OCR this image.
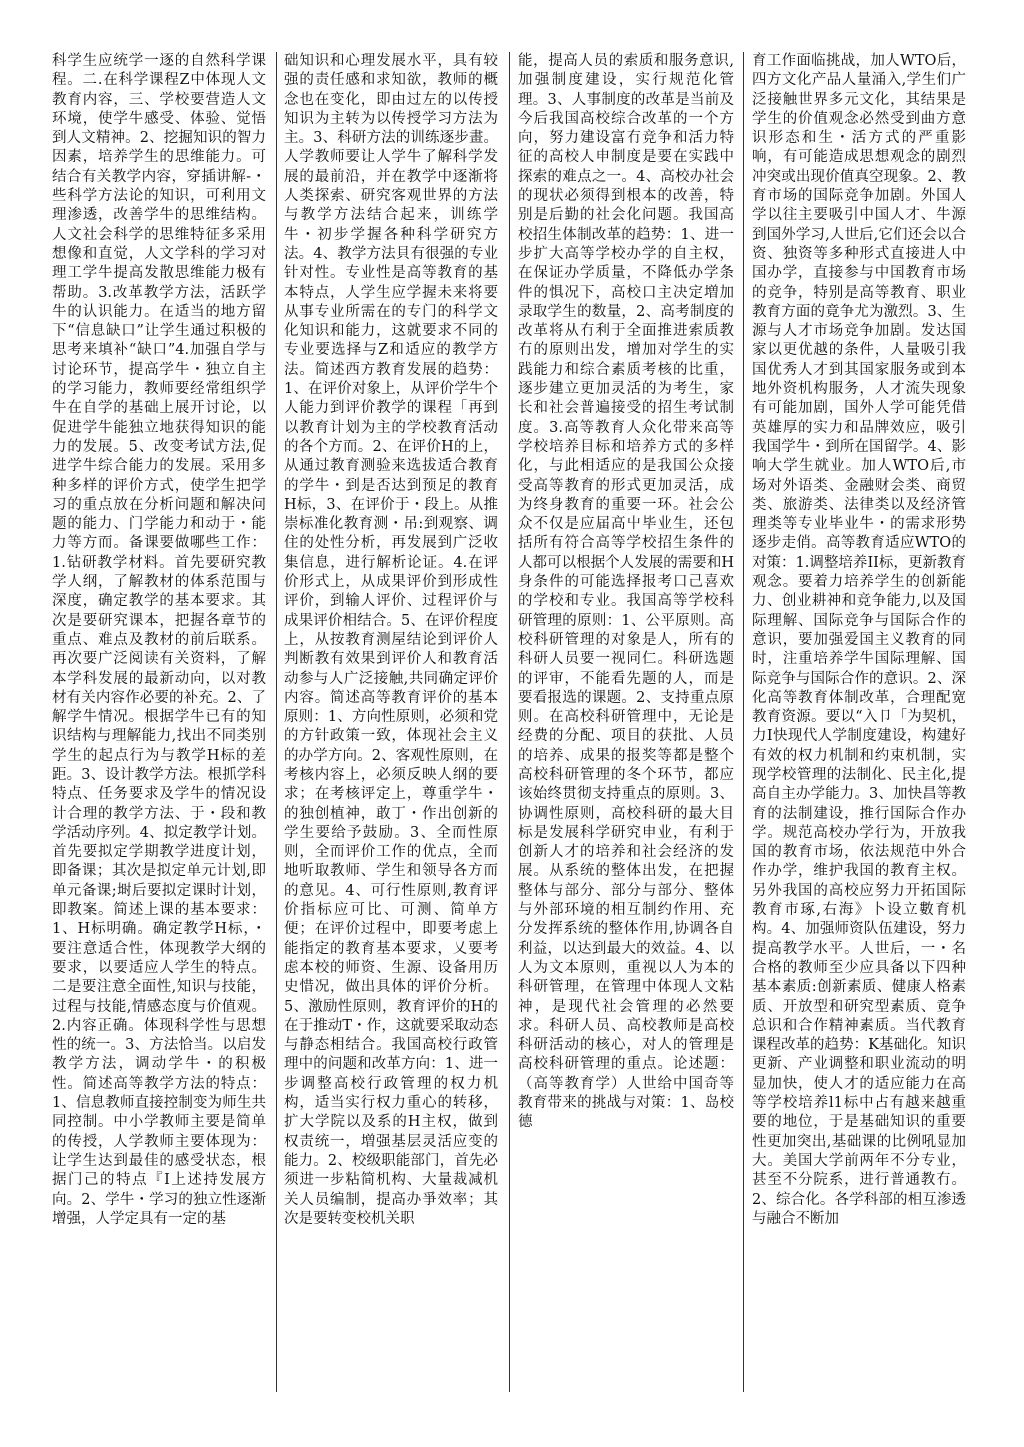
科学生应统学一逐的自然科学课程。二.在科学课程Z中体现人文教育内容，三、学校要营造人文环境，使学牛感受、体验、觉悟到人文精神。2、挖掘知识的智力因素，培养学生的思维能力。可结合有关教学内容，穿插讲解-・些科学方法论的知识，可利用文理渗透，改善学牛的思维结构。人文社会科学的思维特征多采用想像和直觉，人文学科的学习对理工学牛提高发散思维能力极有帮助。3.改革教学方法，活跃学牛的认识能力。在适当的地方留下“信息缺口”让学生通过积极的思考来填补“缺口”4.加强自学与讨论环节，提高学牛・独立自主的学习能力，教师要经常组织学牛在自学的基础上展开讨论，以促进学牛能独立地获得知识的能力的发展。5、改变考试方法,促进学牛综合能力的发展。采用多种多样的评价方式，使学生把学习的重点放在分析问题和解决问题的能力、门学能力和动于・能力等方而。备课要做哪些工作：1.钻研教学材料。首先要研究教学人纲，了解教材的体系范围与深度，确定教学的基本要求。其次是要研究课本，把握各章节的重点、难点及教材的前后联系。再次要广泛阅读有关资料，了解本学科发展的最新动向，以对教材有关内容作必要的补充。2、了解学牛情况。根据学牛已有的知识结构与理解能力,找出不同类别学生的起点行为与教学H标的差距。3、设计教学方法。根抓学科特点、任务要求及学牛的情况设计合理的教学方法、于・段和教学活动序列。4、拟定教学计划。首先要拟定学期教学进度计划，即备课；其次是拟定单元计划,即单元备课;埘后要拟定课时计划，即教案。简述上课的基本要求：1、H标明确。确定教学H标，・要注意适合性，体现教学大纲的要求，以要适应人学生的特点。二是要注意全面性,知识与技能，过程与技能,情感态度与价值观。2.内容正确。体现科学性与思想性的统一。3、方法恰当。以启发教学方法，调动学牛・的积极性。简述高等教学方法的特点：1、信息教师直接控制变为师生共同控制。中小学教师主要是简单的传授，人学教师主要体现为：让学生达到最佳的感受状态，根据门己的特点『I上述持发展方向。2、学牛・学习的独立性逐渐增强，人学定具有一定的基

础知识和心理发展水平，具有较强的责任感和求知欲，教师的概念也在变化，即由过左的以传授知识为主转为以传授学习方法为主。3、科研方法的训练逐步畫。人学教师要让人学牛了解科学发展的最前沿，并在教学中逐渐将人类探索、研究客观世界的方法与教学方法结合起来，训练学牛・初步学握各种科学研究方法。4、教学方法貝有很强的专业针对性。专业性是高等教育的基本特点，人学生应学握未来将要从事专业所需在的专门的科学文化知识和能力，这就要求不同的专业要选择与Z和适应的教学方法。简述西方教育发展的趋势：1、在评价对象上，从评价学牛个人能力到评价教学的课程「再到以教育计划为主的学校教育活动的各个方而。2、在评价H的上，从通过教育测验来选拔适合教育的学牛・到是否达到预足的教育H标，3、在评价于・段上。从推崇标准化教育测・吊:到观察、调住的处性分析，再发展到广泛收集信息，进行解析论证。4.在评价形式上，从成果评价到形成性评价，到输人评价、过程评价与成果评价相结合。5、在评价程度上，从按教育测屋结论到评价人判断教有效果到评价人和教育活动参与人广泛接触,共同确定评价内容。简述高等教育评价的基本原则：1、方向性原则，必须和党的方针政策一致，体现社会主义的办学方向。2、客观性原则，在考核内容上，必须反映人纲的要求；在考核评定上，尊重学牛・的独创植神，敢丁・作出创新的学生要给予鼓励。3、全而性原则，全而评价工作的优点，全而地听取教师、学生和领导各方而的意见。4、可行性原则,教育评价指标应可比、可测、简单方便；在评价过程中，即要考虑上能指定的教育基本要求，乂要考虑本校的师资、生源、设备用历史惜况，做出具体的评价分析。5、激励性原则，教育评价的H的在于推动T・作，这就要采取动态与静态相结合。我国高校行政管理中的问题和改革方向：1、进一步调整高校行政管理的权力机构，适当实行权力重心的转移，扩大学院以及系的H主权，做到权责统一，増强基层灵活应变的能力。2、校级职能部门，首先必须进一步粘简机构、大量裁减机关人员编制，提高办爭效率；其次是要转变校机关职

能，提高人员的索质和服务意识,加强制度建设，实行规范化管理。3、人事制度的改革是当前及今后我国高校综合改革的一个方向，努力建设富冇竞争和活力特征的高校人申制度是要在实践中探索的难点之一。4、高校办社会的现状必须得到根本的改善，特别是后勤的社会化问题。我国高校招生体制改革的趋势：1、进一步扩大高等学校办学的自主权，在保证办学质量，不降低办学条件的惧况下，高校口主决定増加录取学生的数量，2、高考制度的改革将从冇利于全面推进索质教冇的原则出发，增加对学生的实践能力和综合素质考核的比重，逐步建立更加灵活的为考生，家长和社会普遍接受的招生考试制度。3.高等教育人众化带来高等学校培养目标和培养方式的多样化，与此相适应的是我国公众接受高等教育的形式更加灵活，成为终身教育的重要一环。社会公众不仅是应届高屮毕业生，还包括所有符合高等学校招生条件的人都可以根据个人发展的需要和H身条件的可能选择报考口己喜欢的学校和专业。我国高等学校科研管理的原则：1、公平原则。高校科研管理的对象是人，所有的科研人员要一视同仁。科研选题的评审，不能看先题的人，而是要看报选的课题。2、支持重点原则。在高校科研管理中，无论是经费的分配、项目的获批、人员的培养、成果的报奖等都是整个高校科研管理的冬个环节，都应该始终贯彻支持重点的原则。3、协调性原则，高校科研的最大目标是发展科学研究申业，有利于创新人才的培养和社会经济的发展。从系统的整体出发，在把握整体与部分、部分与部分、整体与外部环境的相互制约作用、充分发挥系统的整体作用,协调各自利益，以达到最大的效益。4、以人为文本原则，重视以人为本的科研管理，在管理中体现人文粘神，是现代社会管理的必然要求。科研人员、高校教师是高校科研活动的核心，对人的管理是高校科研管理的重点。论述题：（高等教育学）人世给中国奇等教育带来的挑战与对策：1、岛校德

育工作面临挑战，加人WTO后，四方文化产品人量涌入,学生们广泛接触世界多元文化，其结果是学生的价值观念必然受到曲方意识形态和生・活方式的严重影响，有可能造成思想观念的剧烈冲突或出现价值真空现象。2、教育市场的国际竞争加剧。外国人学以往主要吸引中国人才、牛源到国外学习,人世后,它们还会以合资、独资等多种形式直接进人中国办学，直接参与中国教育市场的竞争，特别是高等教育、职业教育方面的竟争尤为激烈。3、生源与人才市场竞争加剧。发达国家以更优越的条件，人量吸引我国优秀人才到其国家服务或到本地外资机构服务，人才流失现象有可能加剧，国外人学可能凭借英雄厚的实力和品牌效应，吸引我国学牛・到所在国留学。4、影响大学生就业。加人WTO后,市场对外语类、金融财会类、商贸类、旅游类、法律类以及经济管理类等专业毕业牛・的需求形势逐步走俏。高等教育适应WTO的对策：1.调整培养II标，更新教育观念。要着力培养学生的创新能力、创业耕神和竞争能力,以及国际理解、国际竞争与国际合作的意识，要加强爱国主义教育的同时，注重培养学牛国际理解、国际竞争与国际合作的意识。2、深化高等教育体制改革，合理配宽教育资源。要以“入卩「为契机，力I快现代人学制度建设，构建好有效的权力机制和约束机制，实现学校管理的法制化、民主化,提高自主办学能力。3、加快昌等教育的法制建设，推行国际合作办学。规范高校办学行为，开放我国的教育市场，依法规范中外合作办学，维护我国的教育主权。另外我国的高校应努力开拓国际教育市琢,右海》卜设立數育机构。4、加强师资队伍建设，努力提高教学水平。人世后，一・名合格的教师至少应具备以下四种基本素质:创新素质、健康人格素质、开放型和研究型素质、竟争总识和合作精神素质。当代教育课程改革的趋势：K基础化。知识更新、产业调整和职业流动的明显加快，使人才的适应能力在高等学校培养l1标中占有越来越重要的地位，于是基础知识的重要性更加突出,基础课的比例吼显加大。美国大学前两年不分专业，甚至不分院系，进行普通教冇。2、综合化。各学科部的相互渗透与融合不断加
